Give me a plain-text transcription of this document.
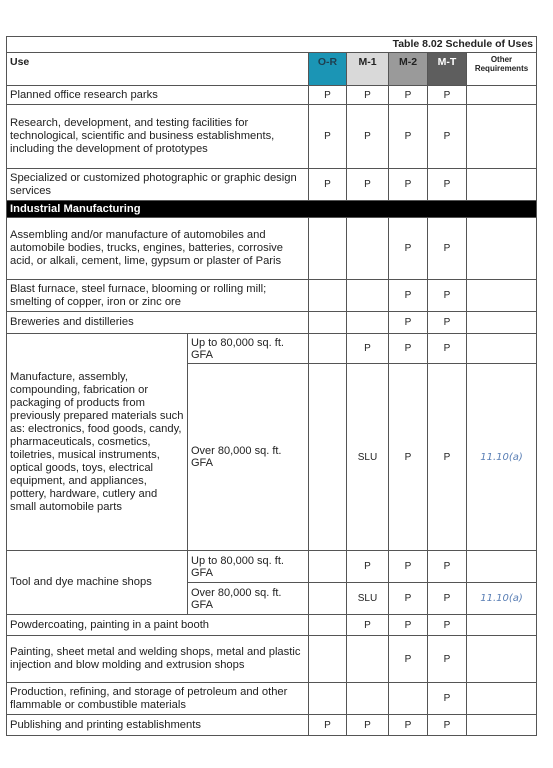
Table 8.02 Schedule of Uses						
Use		O-R	M-1	M-2	M-T	Other Requirements
Planned office research parks		P	P	P	P	
Research, development, and testing facilities for technological, scientific and business establishments, including the development of prototypes		P	P	P	P	
Specialized or customized photographic or graphic design services		P	P	P	P	
Industrial Manufacturing						
Assembling and/or manufacture of automobiles and automobile bodies, trucks, engines, batteries, corrosive acid, or alkali, cement, lime, gypsum or plaster of Paris				P	P	
Blast furnace, steel furnace, blooming or rolling mill; smelting of copper, iron or zinc ore				P	P	
Breweries and distilleries				P	P	
Manufacture, assembly, compounding, fabrication or packaging of products from previously prepared materials such as: electronics, food goods, candy, pharmaceuticals, cosmetics, toiletries, musical instruments, optical goods, toys, electrical equipment, and appliances, pottery, hardware, cutlery and small automobile parts	Up to 80,000 sq. ft. GFA		P	P	P	
	Over 80,000 sq. ft. GFA		SLU	P	P	11.10(a)
Tool and dye machine shops	Up to 80,000 sq. ft. GFA		P	P	P	
	Over 80,000 sq. ft. GFA		SLU	P	P	11.10(a)
Powdercoating, painting in a paint booth			P	P	P	
Painting, sheet metal and welding shops, metal and plastic injection and blow molding and extrusion shops				P	P	
Production, refining, and storage of petroleum and other flammable or combustible materials					P	
Publishing and printing establishments		P	P	P	P	
